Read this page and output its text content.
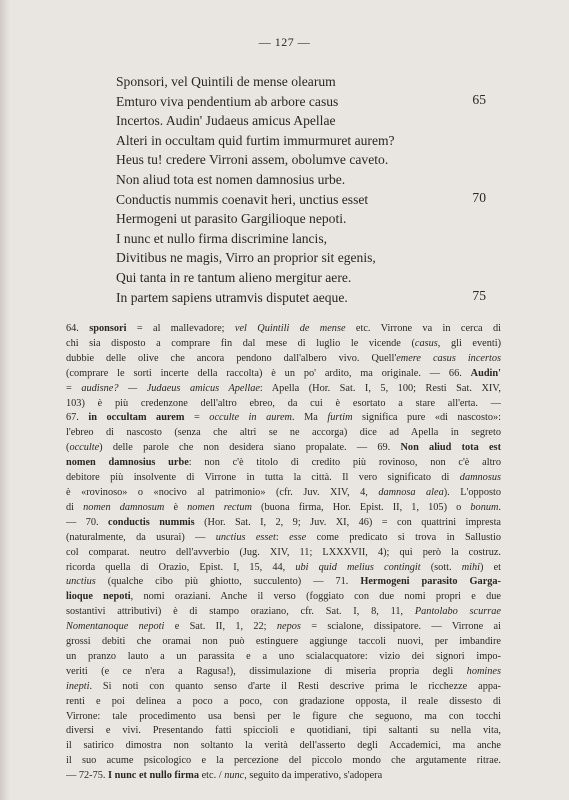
— 127 —
Sponsori, vel Quintili de mense olearum
Emturo viva pendentium ab arbore casus	65
Incertos. Audin' Judaeus amicus Apellae
Alteri in occultam quid furtim immurmuret aurem?
Heus tu! credere Virroni assem, obolumve caveto.
Non aliud tota est nomen damnosius urbe.
Conductis nummis coenavit heri, unctius esset	70
Hermogeni ut parasito Gargilioque nepoti.
I nunc et nullo firma discrimine lancis,
Divitibus ne magis, Virro an proprior sit egenis,
Qui tanta in re tantum alieno mergitur aere.
In partem sapiens utramvis disputet aeque.	75
64. sponsori = al mallevadore; vel Quintili de mense etc. Virrone va in cerca di
chi sia disposto a comprare fin dal mese di luglio le vicende (casus, gli eventi)
dubbie delle olive che ancora pendono dall'albero vivo. Quell'emere casus incertos
(comprare le sorti incerte della raccolta) è un po' ardito, ma originale. — 66. Audin'
= audisne? — Judaeus amicus Apellae: Apella (Hor. Sat. I, 5, 100; Resti Sat. XIV,
103) è più credenzone dell'altro ebreo, da cui è esortato a stare all'erta. —
67. in occultam aurem = occulte in aurem. Ma furtim significa pure «di nascosto»:
l'ebreo di nascosto (senza che altri se ne accorga) dice ad Apella in segreto
(occulte) delle parole che non desidera siano propalate. — 69. Non aliud tota est
nomen damnosius urbe: non c'è titolo di credito più rovinoso, non c'è altro
debitore più insolvente di Virrone in tutta la città. Il vero significato di damnosus
è «rovinoso» o «nocivo al patrimonio» (cfr. Juv. XIV, 4, damnosa alea). L'opposto
di nomen damnosum è nomen rectum (buona firma, Hor. Epist. II, 1, 105) o bonum.
— 70. conductis nummis (Hor. Sat. I, 2, 9; Juv. XI, 46) = con quattrini impresta
(naturalmente, da usurai) — unctius esset: esse come predicato si trova in Sallustio
col comparat. neutro dell'avverbio (Jug. XIV, 11; LXXXVII, 4); qui però la costruz.
ricorda quella di Orazio, Epist. I, 15, 44, ubi quid melius contingit (sott. mihi) et
unctius (qualche cibo più ghiotto, succulento) — 71. Hermogeni parasito Garga-
lioque nepoti, nomi oraziani. Anche il verso (foggiato con due nomi propri e due
sostantivi attributivi) è di stampo oraziano, cfr. Sat. I, 8, 11, Pantolabo scurrae
Nomentanoque nepoti e Sat. II, 1, 22; nepos = scialone, dissipatore. — Virrone ai
grossi debiti che oramai non può estinguere aggiunge taccoli nuovi, per imbandire
un pranzo lauto a un parassita e a uno scialacquatore: vizio dei signori impo-
veriti (e ce n'era a Ragusa!), dissimulazione di miseria propria degli homines
inepti. Si noti con quanto senso d'arte il Resti descrive prima le ricchezze appa-
renti e poi delinea a poco a poco, con gradazione opposta, il reale dissesto di
Virrone: tale procedimento usa bensì per le figure che seguono, ma con tocchi
diversi e vivi. Presentando fatti spiccioli e quotidiani, tipi saltanti su nella vita,
il satirico dimostra non soltanto la verità dell'asserto degli Accademici, ma anche
il suo acume psicologico e la percezione del piccolo mondo che argutamente ritrae.
— 72-75. I nunc et nullo firma etc. / nunc, seguito da imperativo, s'adopera
